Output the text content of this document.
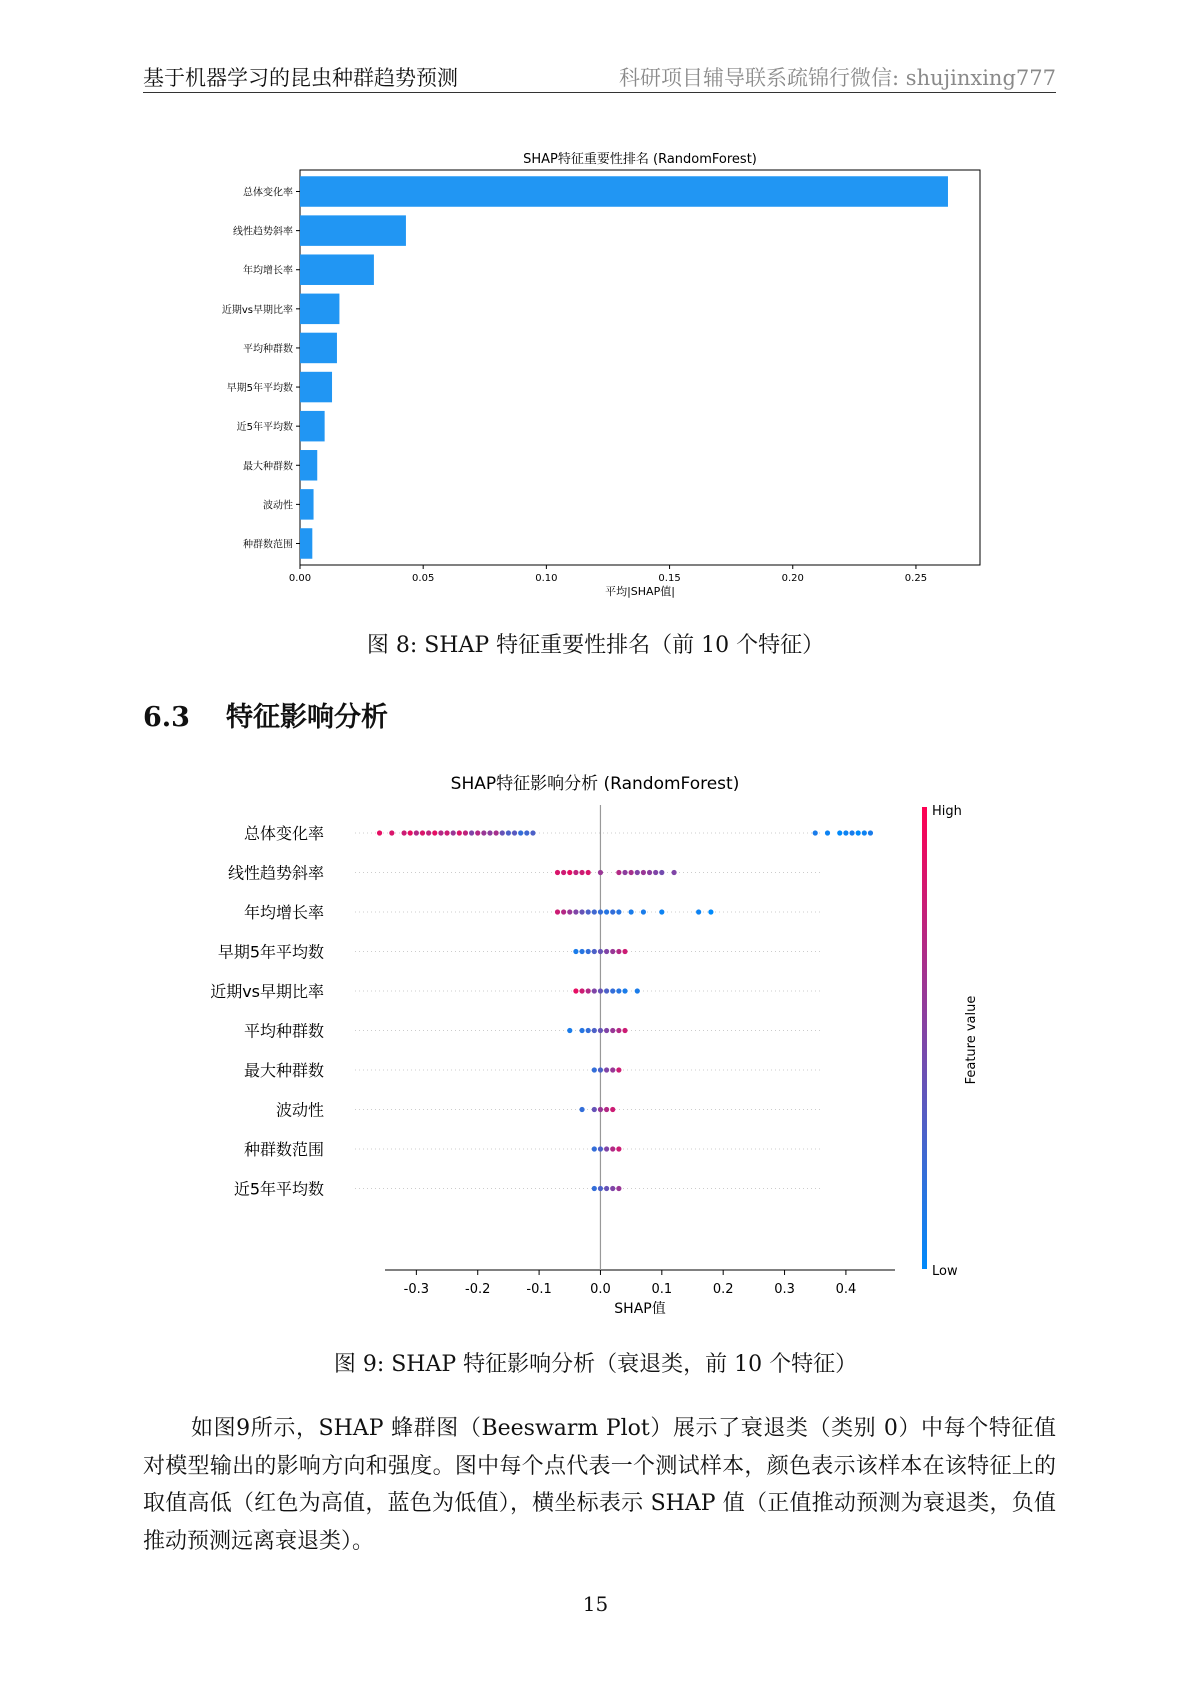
基于机器学习的昆虫种群趋势预测	科研项目辅导联系疏锦行微信: shujinxing777
SHAP特征重要性排名 (RandomForest)
总体变化率
线性趋势斜率
年均增长率
近期vs早期比率
平均种群数
早期5年平均数
近5年平均数
最大种群数
波动性
种群数范围
0.00	0.05	0.10	0.15	0.20	0.25
平均|SHAP值|
图 8: SHAP 特征重要性排名（前 10 个特征）
6.3 特征影响分析
SHAP特征影响分析 (RandomForest)
总体变化率
线性趋势斜率
年均增长率
早期5年平均数
近期vs早期比率
平均种群数
最大种群数
波动性
种群数范围
近5年平均数
-0.3	-0.2	-0.1	0.0	0.1	0.2	0.3	0.4
SHAP值
High
Low
Feature value
图 9: SHAP 特征影响分析（衰退类，前 10 个特征）
如图9所示，SHAP 蜂群图（Beeswarm Plot）展示了衰退类（类别 0）中每个特征值对模型输出的影响方向和强度。图中每个点代表一个测试样本，颜色表示该样本在该特征上的取值高低（红色为高值，蓝色为低值），横坐标表示 SHAP 值（正值推动预测为衰退类，负值推动预测远离衰退类）。
15
